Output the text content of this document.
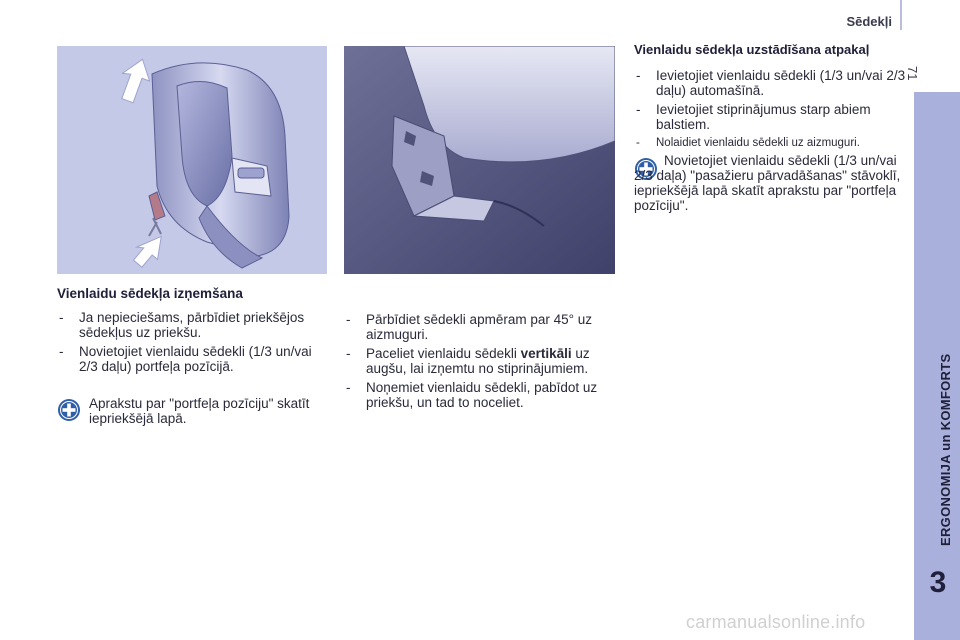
Sēdekļi
71
ERGONOMIJA un KOMFORTS
3
Vienlaidu sēdekļa izņemšana
- Ja nepieciešams, pārbīdiet priekšējos sēdekļus uz priekšu.
- Novietojiet vienlaidu sēdekli (1/3 un/vai 2/3 daļu) portfeļa pozīcijā.
Aprakstu par "portfeļa pozīciju" skatīt iepriekšējā lapā.
- Pārbīdiet sēdekli apmēram par 45° uz aizmuguri.
- Paceliet vienlaidu sēdekli vertikāli uz augšu, lai izņemtu no stiprinājumiem.
- Noņemiet vienlaidu sēdekli, pabīdot uz priekšu, un tad to noceliet.
Vienlaidu sēdekļa uzstādīšana atpakaļ
- Ievietojiet vienlaidu sēdekli (1/3 un/vai 2/3 daļu) automašīnā.
- Ievietojiet stiprinājumus starp abiem balstiem.
- Nolaidiet vienlaidu sēdekli uz aizmuguri.
Novietojiet vienlaidu sēdekli (1/3 un/vai 2/3 daļa) "pasažieru pārvadāšanas" stāvoklī, iepriekšējā lapā skatīt aprakstu par "portfeļa pozīciju".
carmanualsonline.info
